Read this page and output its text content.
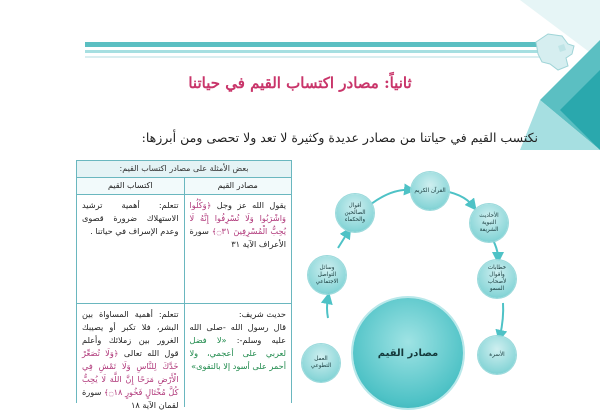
ثانياً: مصادر اكتساب القيم في حياتنا
نكتسب القيم في حياتنا من مصادر عديدة وكثيرة لا تعد ولا تحصى ومن أبرزها:
بعض الأمثلة على مصادر اكتساب القيم:
مصادر القيم
اكتساب القيم
يقول الله عز وجل ﴿وَكُلُوا وَاشْرَبُوا وَلَا تُسْرِفُوا إِنَّهُ لَا يُحِبُّ الْمُسْرِفِينَ ۝٣١﴾ سورة الأعراف الآية ٣١
تتعلم: أهمية ترشيد الاستهلاك ضرورة قصوى وعدم الإسراف في حياتنا .
حديث شريف:
قال رسول الله -صلى الله عليه وسلم-: «لا فضل لعربي على أعجمي، ولا أحمر على أسود إلا بالتقوى»
تتعلم: أهمية المساواة بين البشر، فلا تكبر أو يصيبك الغرور بين زملائك وأعلم قول الله تعالى ﴿وَلَا تُصَعِّرْ خَدَّكَ لِلنَّاسِ وَلَا تَمْشِ فِي الْأَرْضِ مَرَحًا إِنَّ اللَّهَ لَا يُحِبُّ كُلَّ مُخْتَالٍ فَخُورٍ ۝١٨﴾ سورة لقمان الآية ١٨
مصادر القيم
القرآن الكريم
الأحاديث النبوية الشريفة
خطابات وأقوال لأصحاب السمو
الأسرة
العمل التطوعي
وسائل التواصل الاجتماعي
أقوال الصالحين والحكماء
